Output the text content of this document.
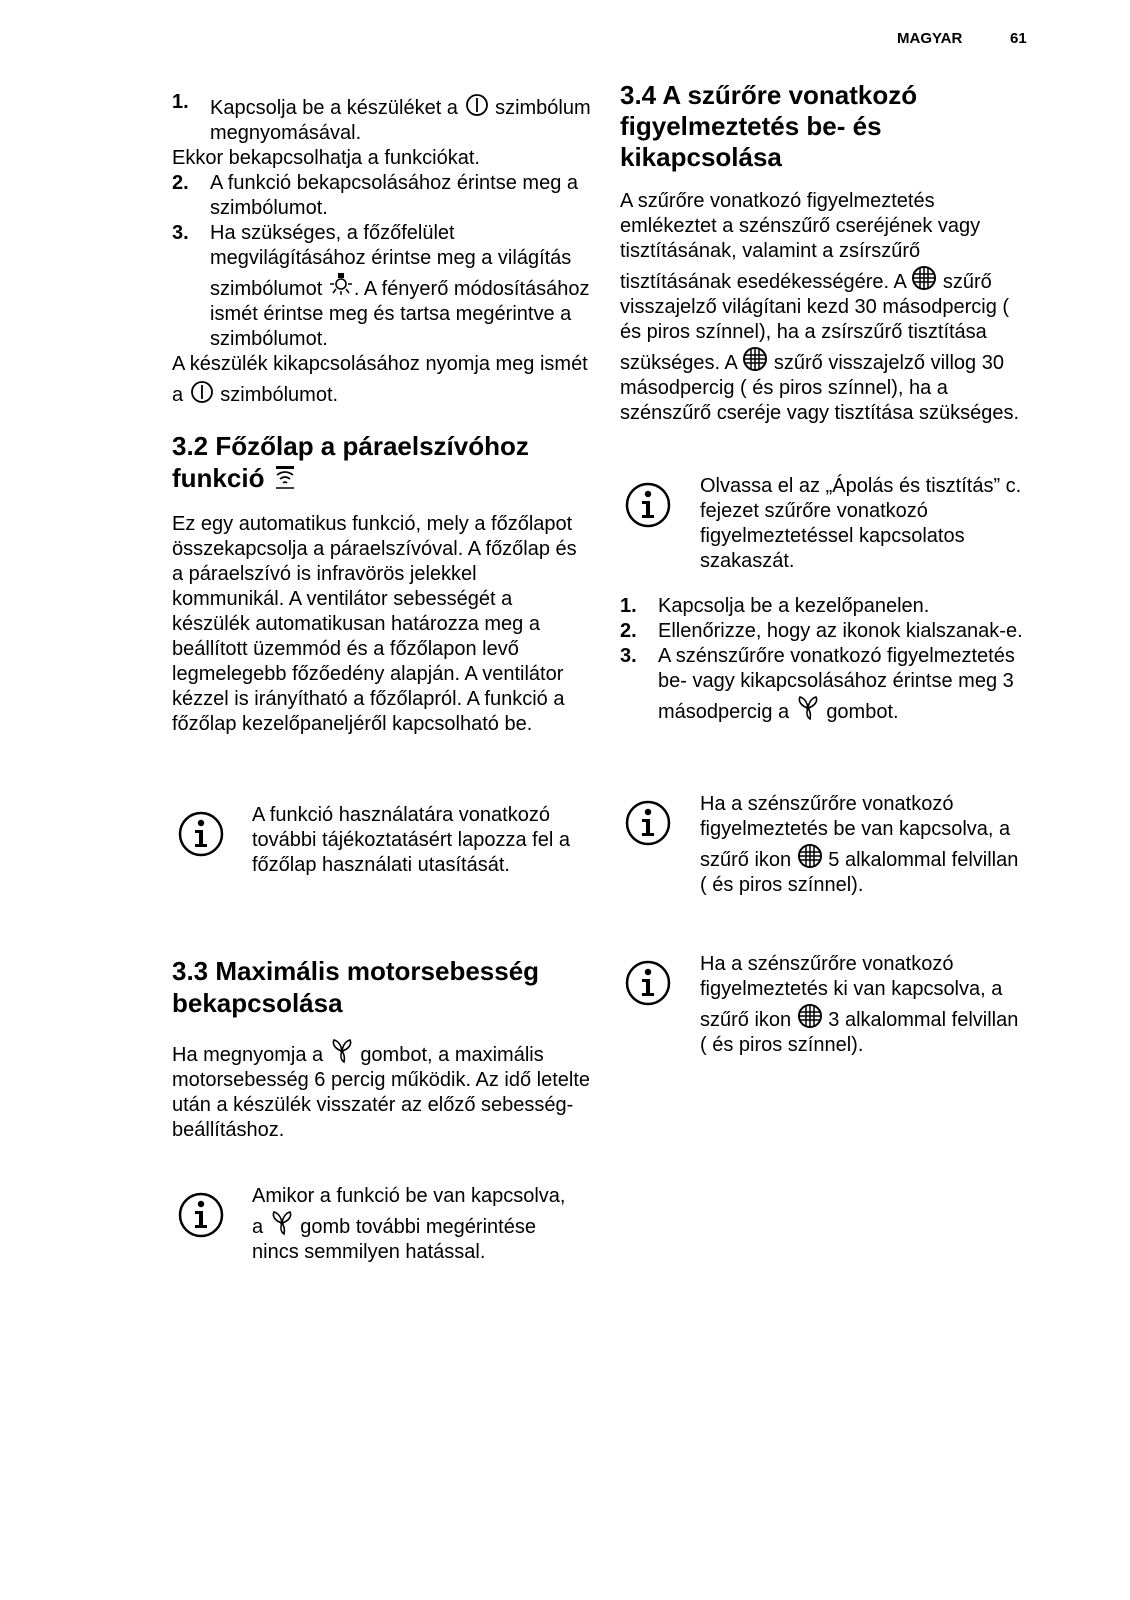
MAGYAR	61
1. Kapcsolja be a készüléket a szimbólum megnyomásával.

Ekkor bekapcsolhatja a funkciókat.

2. A funkció bekapcsolásához érintse meg a szimbólumot.
3. Ha szükséges, a főzőfelület megvilágításához érintse meg a világítás szimbólumot . A fényerő módosításához ismét érintse meg és tartsa megérintve a szimbólumot.

A készülék kikapcsolásához nyomja meg ismét a szimbólumot.

3.2 Főzőlap a páraelszívóhoz funkció

Ez egy automatikus funkció, mely a főzőlapot összekapcsolja a páraelszívóval. A főzőlap és a páraelszívó is infravörös jelekkel kommunikál. A ventilátor sebességét a készülék automatikusan határozza meg a beállított üzemmód és a főzőlapon levő legmelegebb főzőedény alapján. A ventilátor kézzel is irányítható a főzőlapról. A funkció a főzőlap kezelőpaneljéről kapcsolható be.

A funkció használatára vonatkozó további tájékoztatásért lapozza fel a főzőlap használati utasítását.
3.3 Maximális motorsebesség bekapcsolása

Ha megnyomja a gombot, a maximális motorsebesség 6 percig működik. Az idő letelte után a készülék visszatér az előző sebesség-beállításhoz.

Amikor a funkció be van kapcsolva, a gomb további megérintése nincs semmilyen hatással.
3.4 A szűrőre vonatkozó figyelmeztetés be- és kikapcsolása

A szűrőre vonatkozó figyelmeztetés emlékeztet a szénszűrő cseréjének vagy tisztításának, valamint a zsírszűrő tisztításának esedékességére. A szűrő visszajelző világítani kezd 30 másodpercig ( és piros színnel), ha a zsírszűrő tisztítása szükséges. A szűrő visszajelző villog 30 másodpercig ( és piros színnel), ha a szénszűrő cseréje vagy tisztítása szükséges.

Olvassa el az „Ápolás és tisztítás” c. fejezet szűrőre vonatkozó figyelmeztetéssel kapcsolatos szakaszát.
1. Kapcsolja be a kezelőpanelen.
2. Ellenőrizze, hogy az ikonok kialszanak-e.
3. A szénszűrőre vonatkozó figyelmeztetés be- vagy kikapcsolásához érintse meg 3 másodpercig a gombot.
Ha a szénszűrőre vonatkozó figyelmeztetés be van kapcsolva, a szűrő ikon 5 alkalommal felvillan ( és piros színnel).
Ha a szénszűrőre vonatkozó figyelmeztetés ki van kapcsolva, a szűrő ikon 3 alkalommal felvillan ( és piros színnel).
